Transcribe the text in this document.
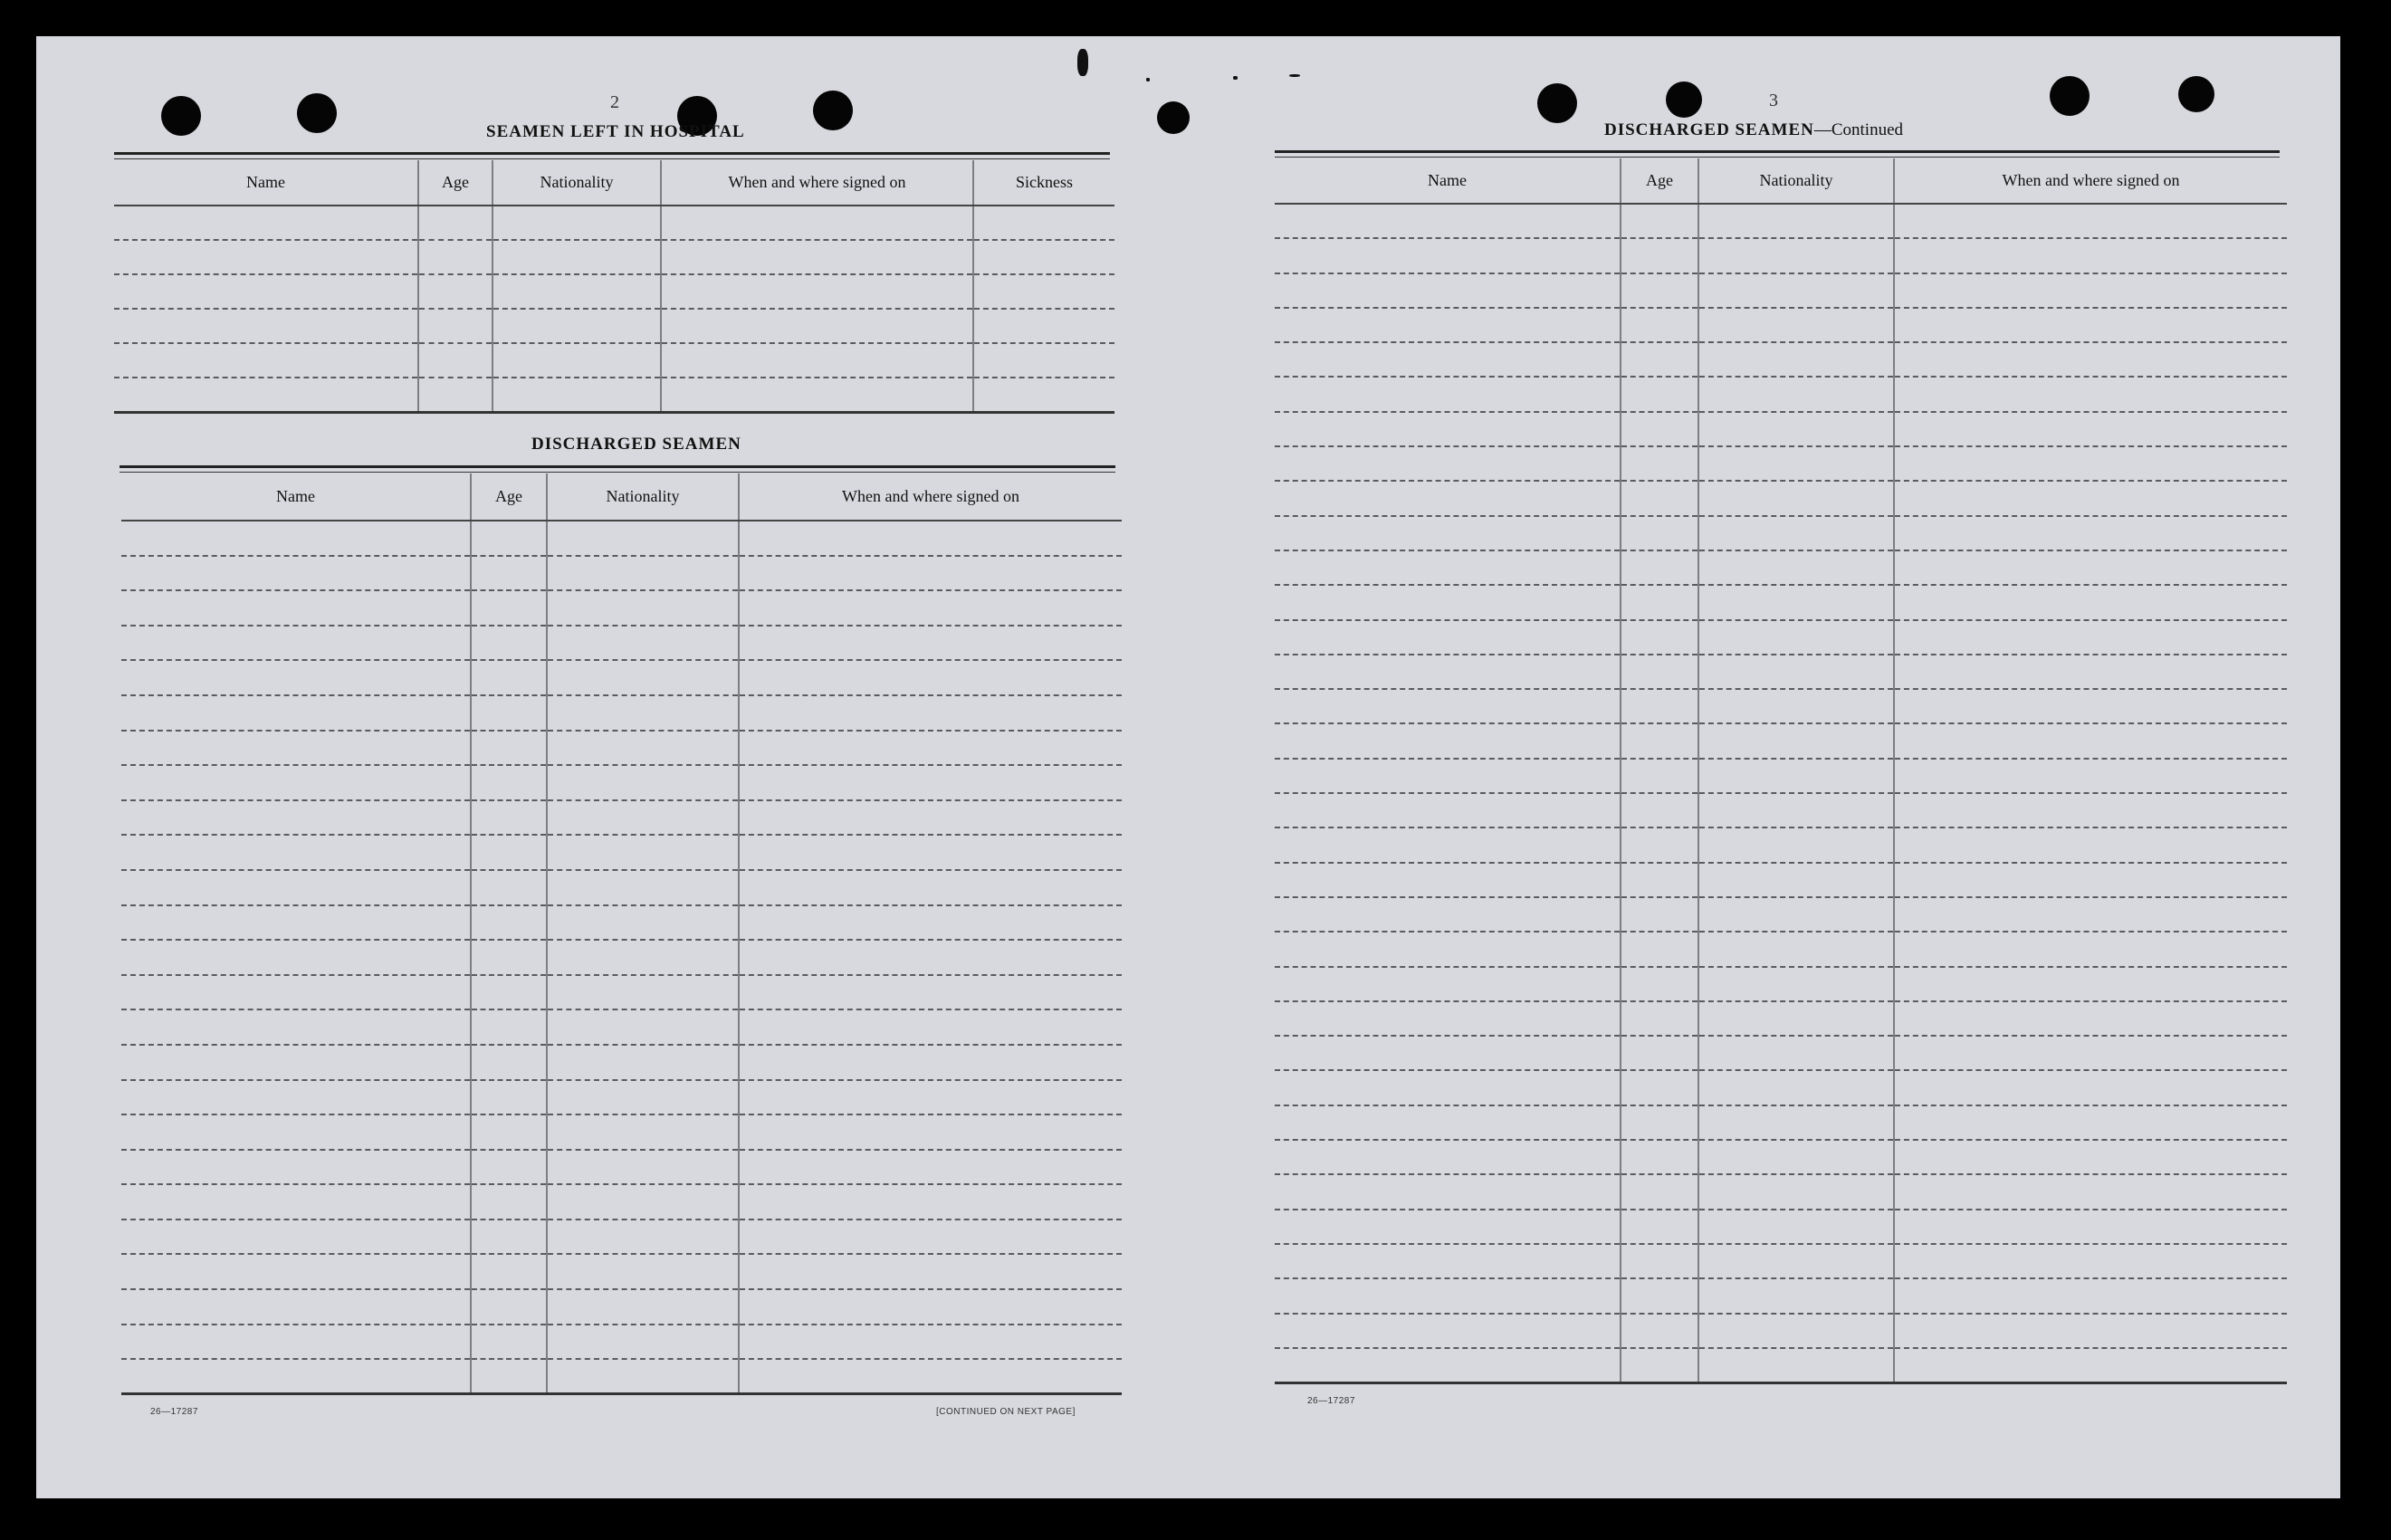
2
SEAMEN LEFT IN HOSPITAL
Name	Age	Nationality	When and where signed on	Sickness

DISCHARGED SEAMEN
Name	Age	Nationality	When and where signed on

26—17287	[CONTINUED ON NEXT PAGE]
3
DISCHARGED SEAMEN—Continued
Name	Age	Nationality	When and where signed on

26—17287
